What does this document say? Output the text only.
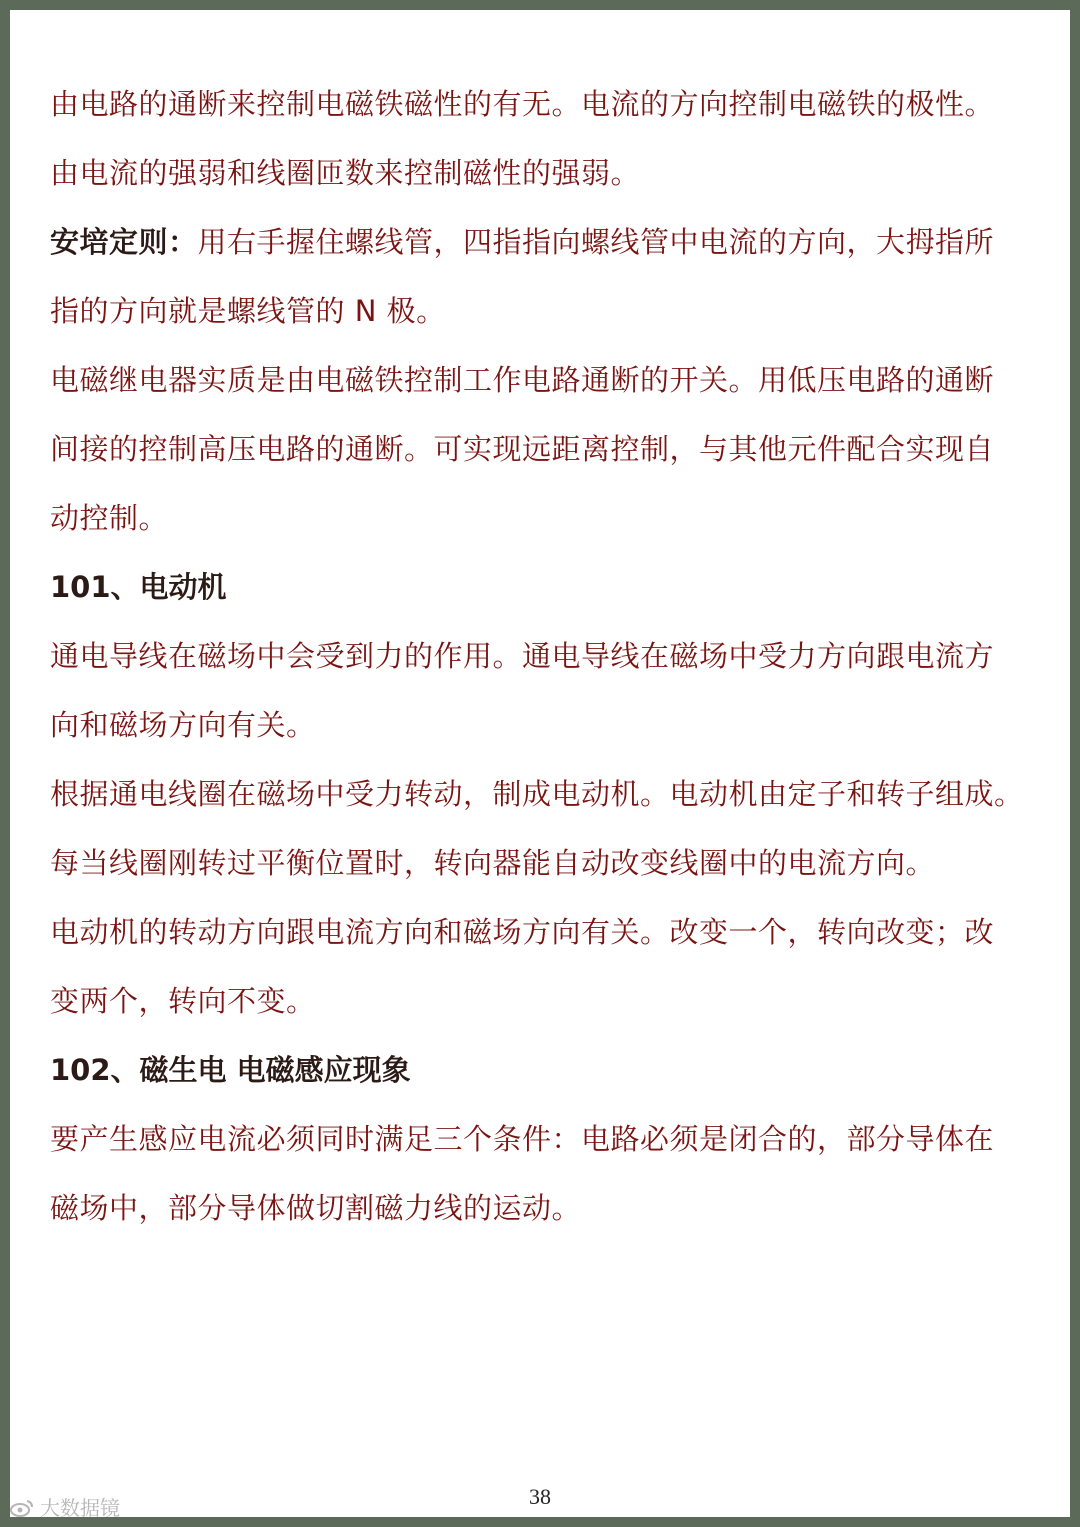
由电路的通断来控制电磁铁磁性的有无。电流的方向控制电磁铁的极性。
由电流的强弱和线圈匝数来控制磁性的强弱。
安培定则：用右手握住螺线管，四指指向螺线管中电流的方向，大拇指所
指的方向就是螺线管的 N 极。
电磁继电器实质是由电磁铁控制工作电路通断的开关。用低压电路的通断
间接的控制高压电路的通断。可实现远距离控制，与其他元件配合实现自
动控制。
101、电动机
通电导线在磁场中会受到力的作用。通电导线在磁场中受力方向跟电流方
向和磁场方向有关。
根据通电线圈在磁场中受力转动，制成电动机。电动机由定子和转子组成。
每当线圈刚转过平衡位置时，转向器能自动改变线圈中的电流方向。
电动机的转动方向跟电流方向和磁场方向有关。改变一个，转向改变；改
变两个，转向不变。
102、磁生电 电磁感应现象
要产生感应电流必须同时满足三个条件：电路必须是闭合的，部分导体在
磁场中，部分导体做切割磁力线的运动。
38
大数据镜
